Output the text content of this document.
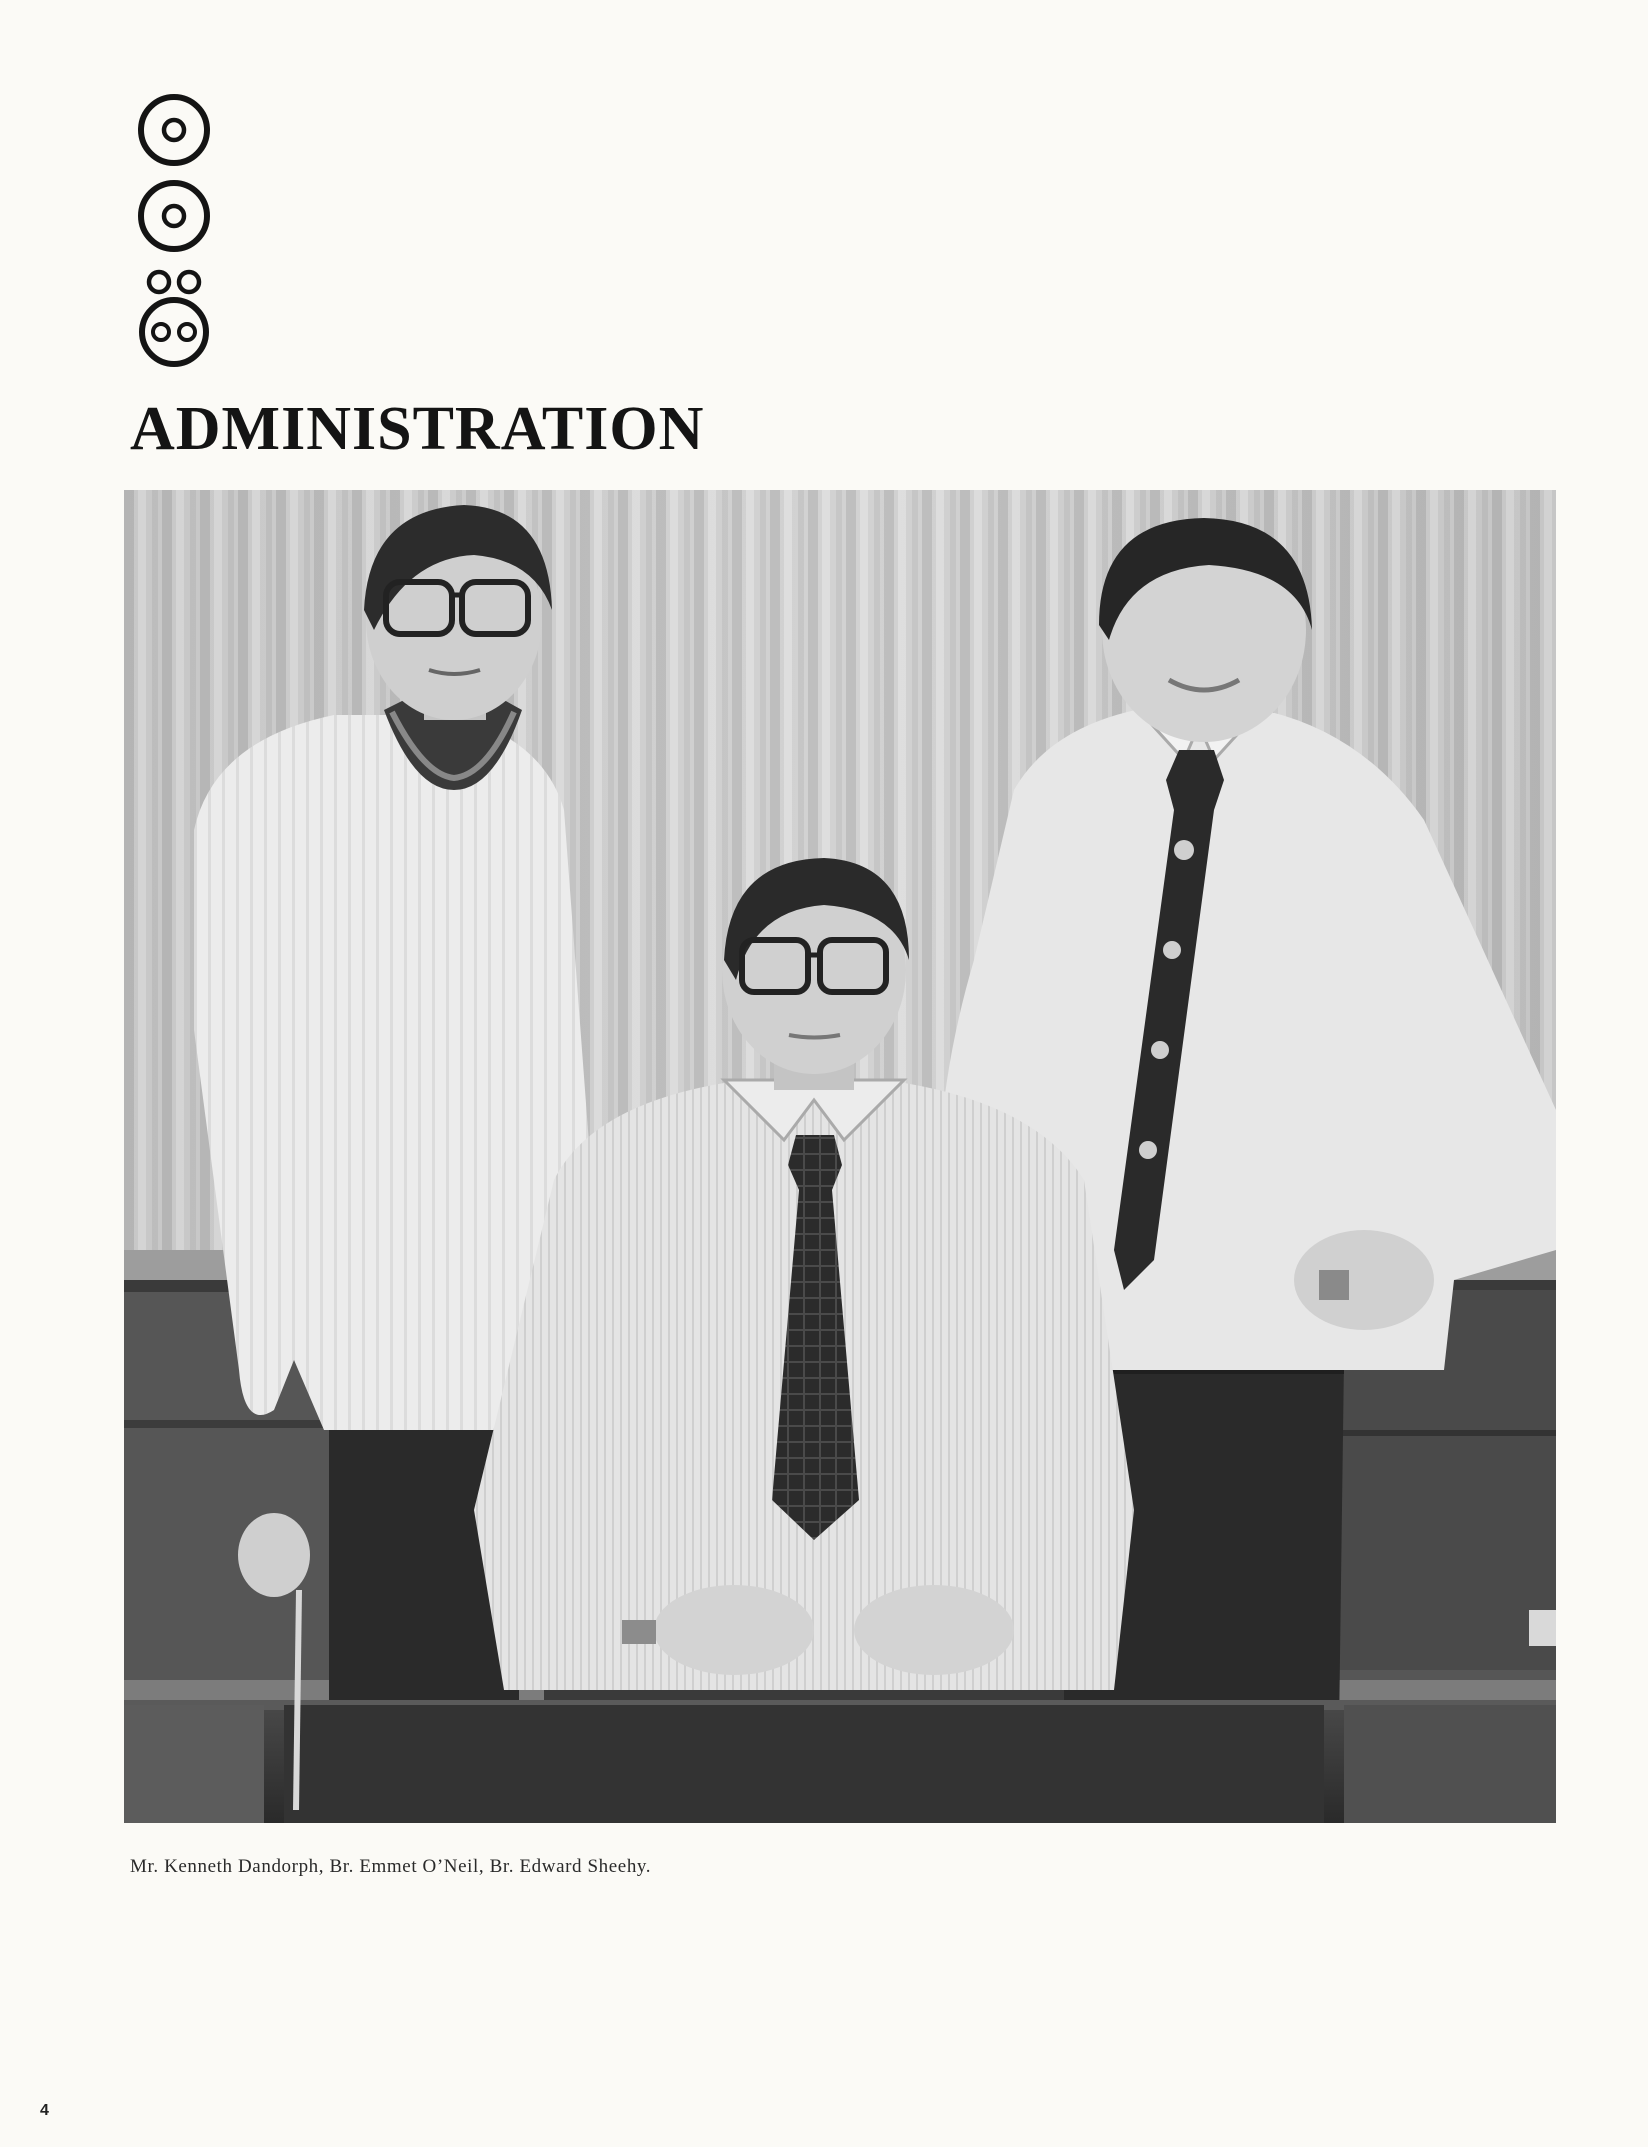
ADMINISTRATION
Mr. Kenneth Dandorph, Br. Emmet O’Neil, Br. Edward Sheehy.
4
